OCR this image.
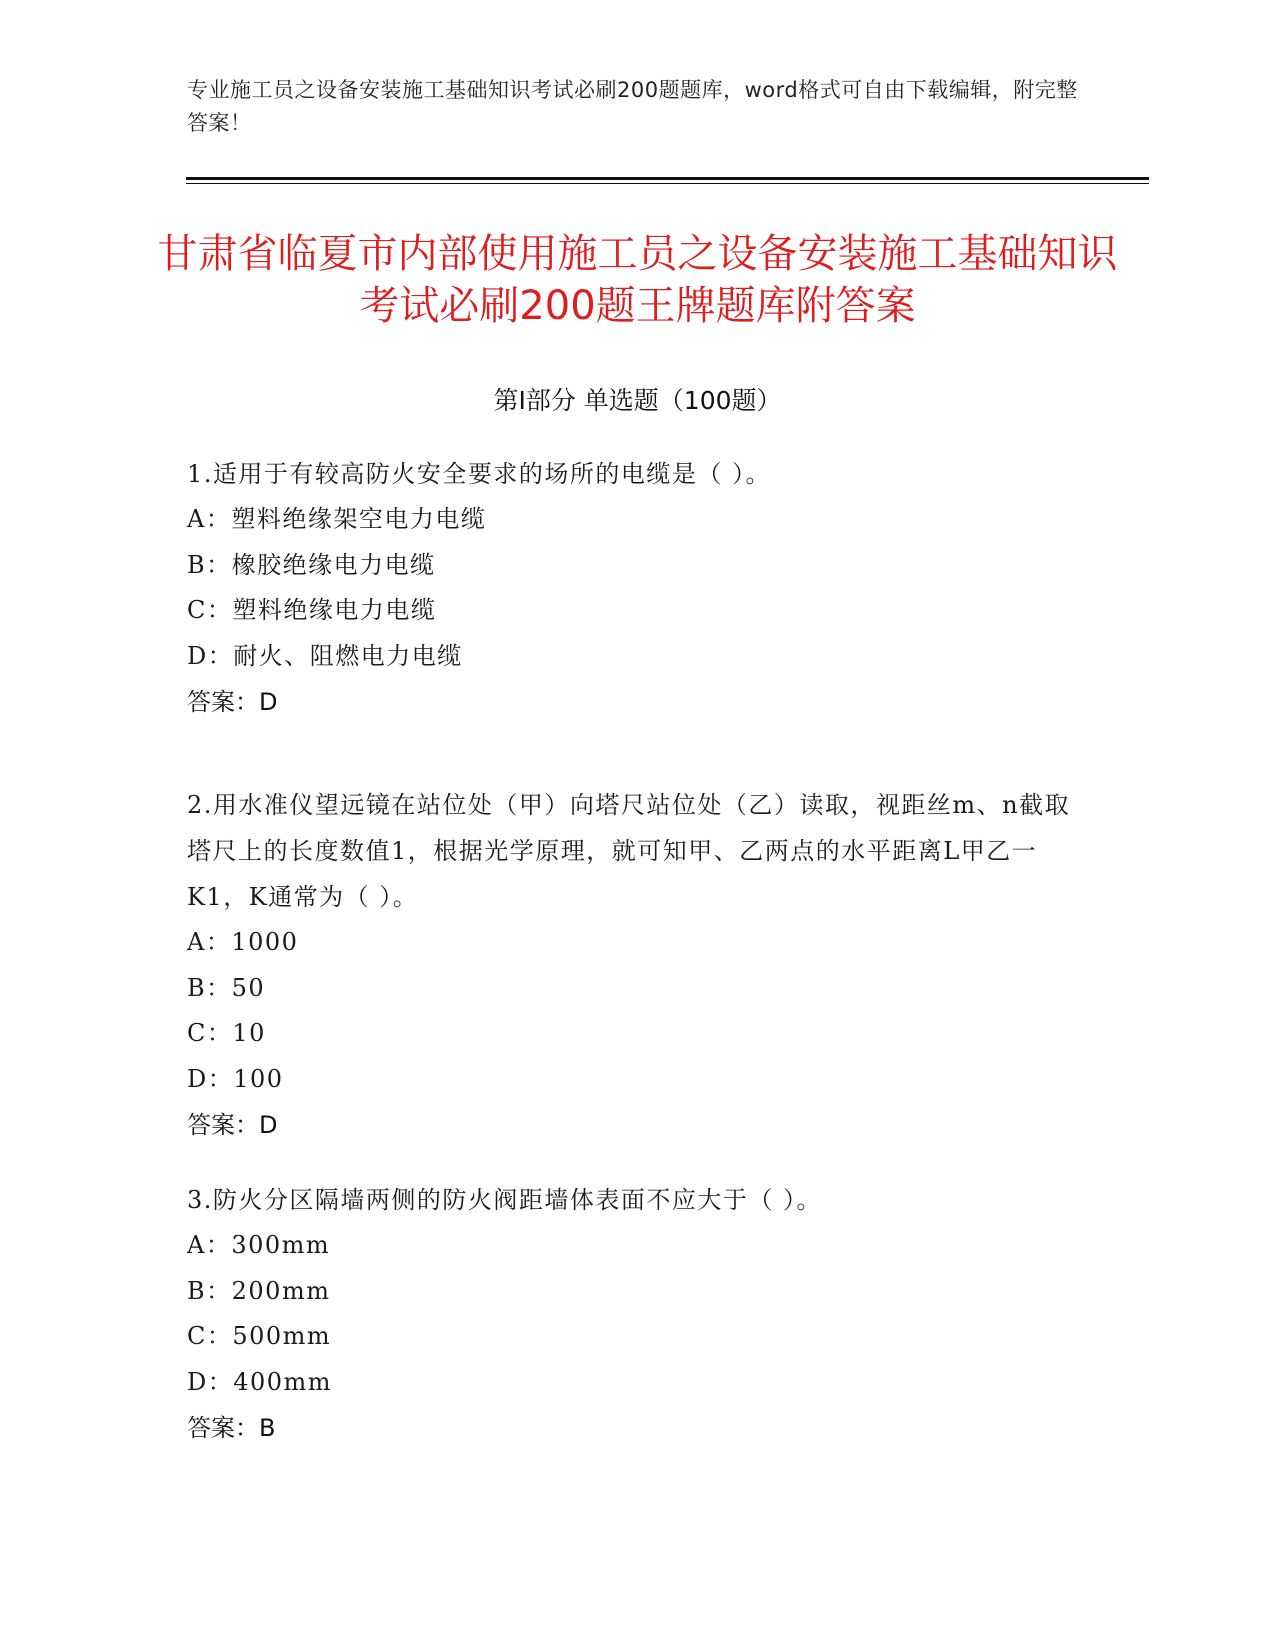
专业施工员之设备安装施工基础知识考试必刷200题题库，word格式可自由下载编辑，附完整答案！
甘肃省临夏市内部使用施工员之设备安装施工基础知识考试必刷200题王牌题库附答案
第Ⅰ部分 单选题（100题）

1.适用于有较高防火安全要求的场所的电缆是（ ）。

A：塑料绝缘架空电力电缆

B：橡胶绝缘电力电缆

C：塑料绝缘电力电缆

D：耐火、阻燃电力电缆

答案：D

2.用水准仪望远镜在站位处（甲）向塔尺站位处（乙）读取，视距丝m、n截取塔尺上的长度数值1，根据光学原理，就可知甲、乙两点的水平距离L甲乙一K1，K通常为（ ）。

A：1000

B：50

C：10

D：100

答案：D

3.防火分区隔墙两侧的防火阀距墙体表面不应大于（ ）。

A：300mm

B：200mm

C：500mm

D：400mm

答案：B
